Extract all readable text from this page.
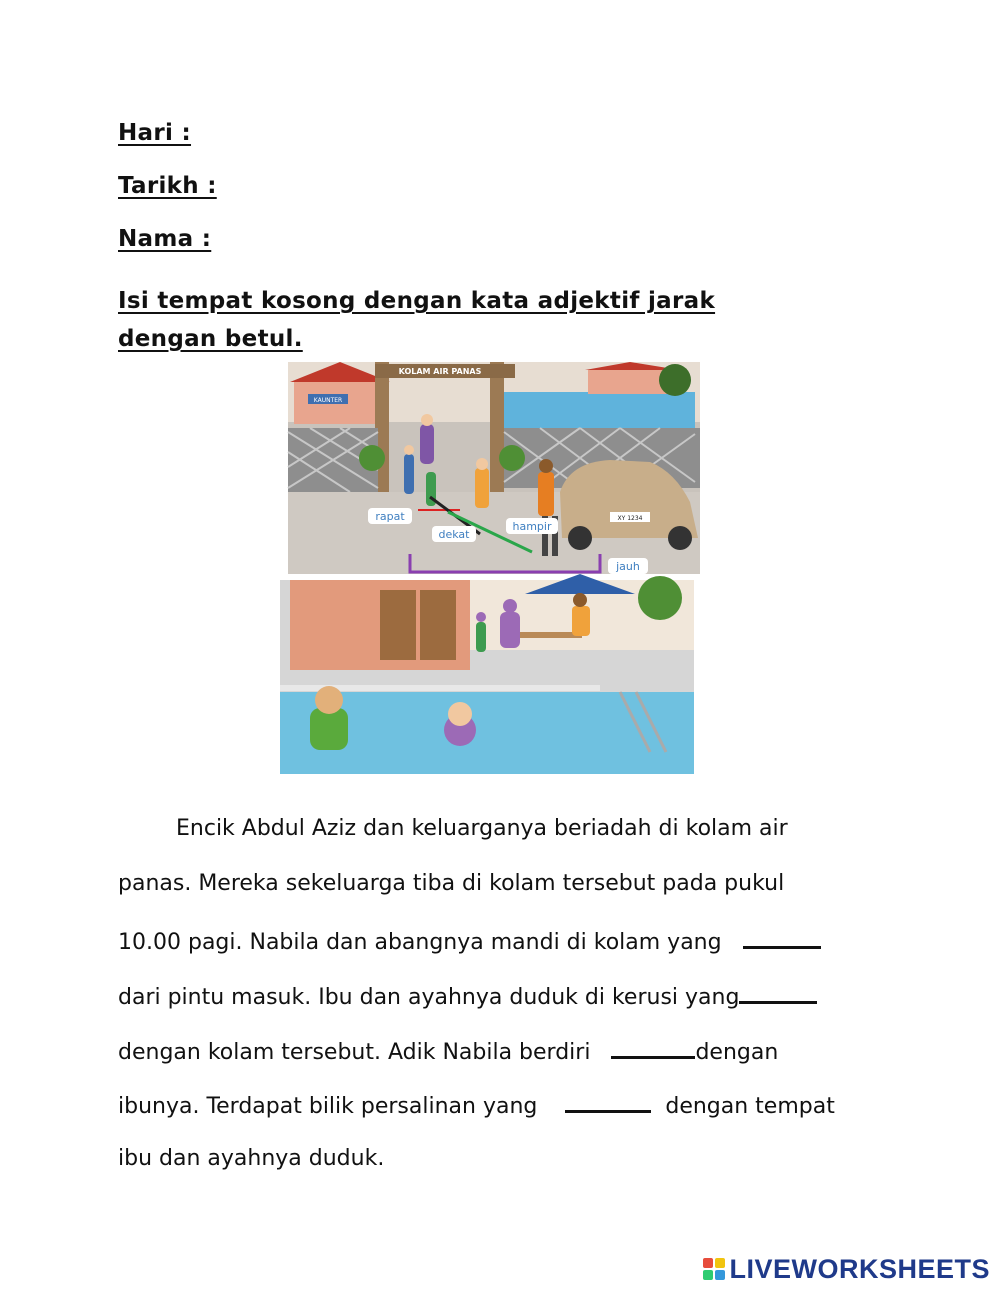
Hari :
Tarikh :
Nama :
Isi tempat kosong dengan kata adjektif jarak dengan betul.
KAUNTER
KOLAM AIR PANAS
XY 1234
rapat
dekat
hampir
jauh
Encik Abdul Aziz dan keluarganya beriadah di kolam air
panas. Mereka sekeluarga tiba di kolam tersebut pada pukul
10.00 pagi. Nabila dan abangnya mandi di kolam yang
dari pintu masuk. Ibu dan ayahnya duduk di kerusi yang
dengan kolam tersebut. Adik Nabila berdiri	dengan
ibunya. Terdapat bilik persalinan yang	dengan tempat
ibu dan ayahnya duduk.
LIVEWORKSHEETS
